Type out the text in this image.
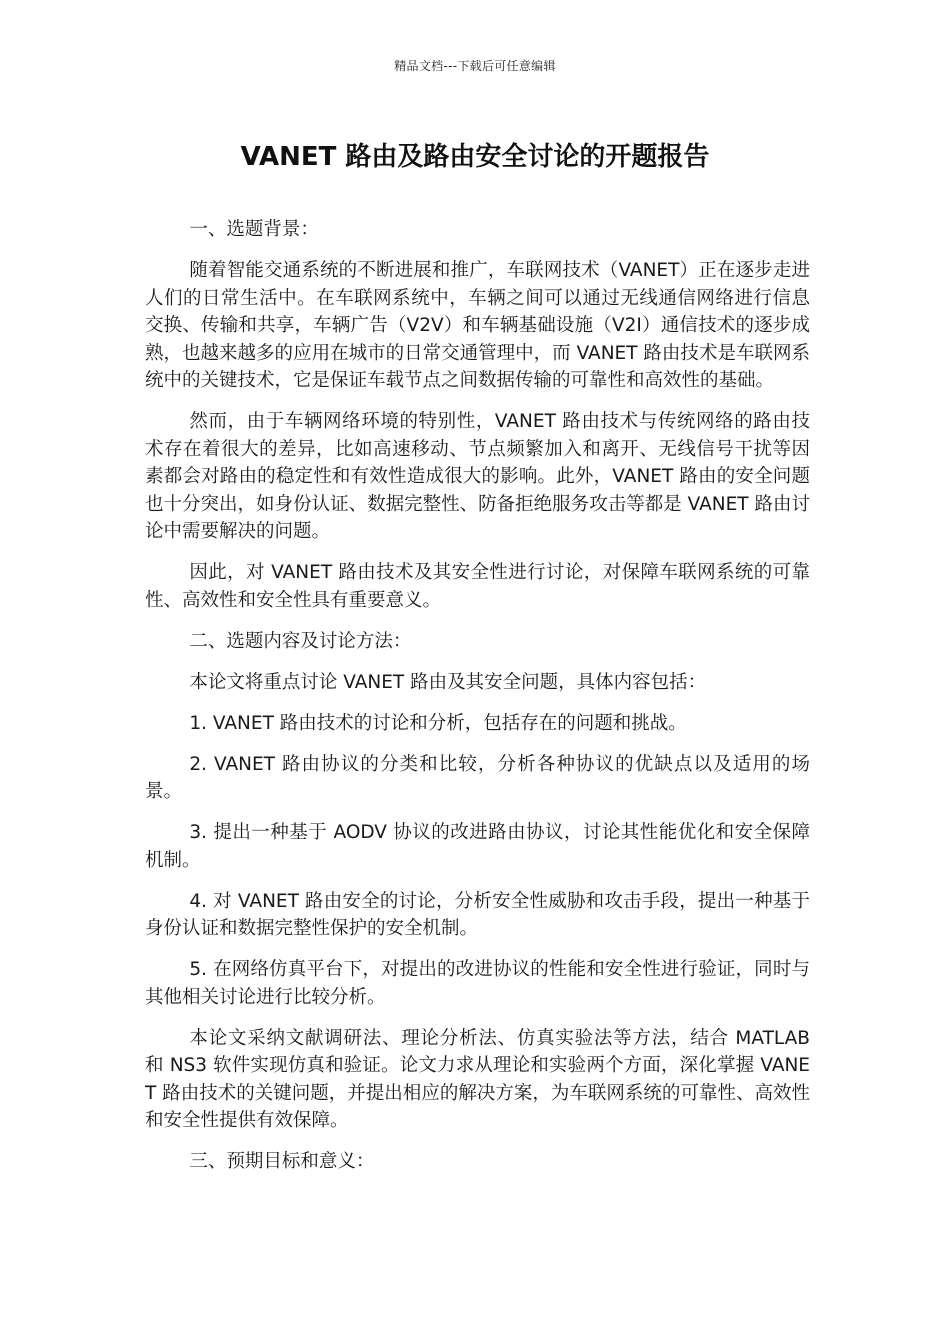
精品文档---下载后可任意编辑
VANET 路由及路由安全讨论的开题报告

一、选题背景：

随着智能交通系统的不断进展和推广，车联网技术（VANET）正在逐步走进人们的日常生活中。在车联网系统中，车辆之间可以通过无线通信网络进行信息交换、传输和共享，车辆广告（V2V）和车辆基础设施（V2I）通信技术的逐步成熟，也越来越多的应用在城市的日常交通管理中，而 VANET 路由技术是车联网系统中的关键技术，它是保证车载节点之间数据传输的可靠性和高效性的基础。

然而，由于车辆网络环境的特别性，VANET 路由技术与传统网络的路由技术存在着很大的差异，比如高速移动、节点频繁加入和离开、无线信号干扰等因素都会对路由的稳定性和有效性造成很大的影响。此外，VANET 路由的安全问题也十分突出，如身份认证、数据完整性、防备拒绝服务攻击等都是 VANET 路由讨论中需要解决的问题。

因此，对 VANET 路由技术及其安全性进行讨论，对保障车联网系统的可靠性、高效性和安全性具有重要意义。

二、选题内容及讨论方法：

本论文将重点讨论 VANET 路由及其安全问题，具体内容包括：

1. VANET 路由技术的讨论和分析，包括存在的问题和挑战。

2. VANET 路由协议的分类和比较，分析各种协议的优缺点以及适用的场景。

3. 提出一种基于 AODV 协议的改进路由协议，讨论其性能优化和安全保障机制。

4. 对 VANET 路由安全的讨论，分析安全性威胁和攻击手段，提出一种基于身份认证和数据完整性保护的安全机制。

5. 在网络仿真平台下，对提出的改进协议的性能和安全性进行验证，同时与其他相关讨论进行比较分析。

本论文采纳文献调研法、理论分析法、仿真实验法等方法，结合 MATLAB 和 NS3 软件实现仿真和验证。论文力求从理论和实验两个方面，深化掌握 VANET 路由技术的关键问题，并提出相应的解决方案，为车联网系统的可靠性、高效性和安全性提供有效保障。

三、预期目标和意义：
